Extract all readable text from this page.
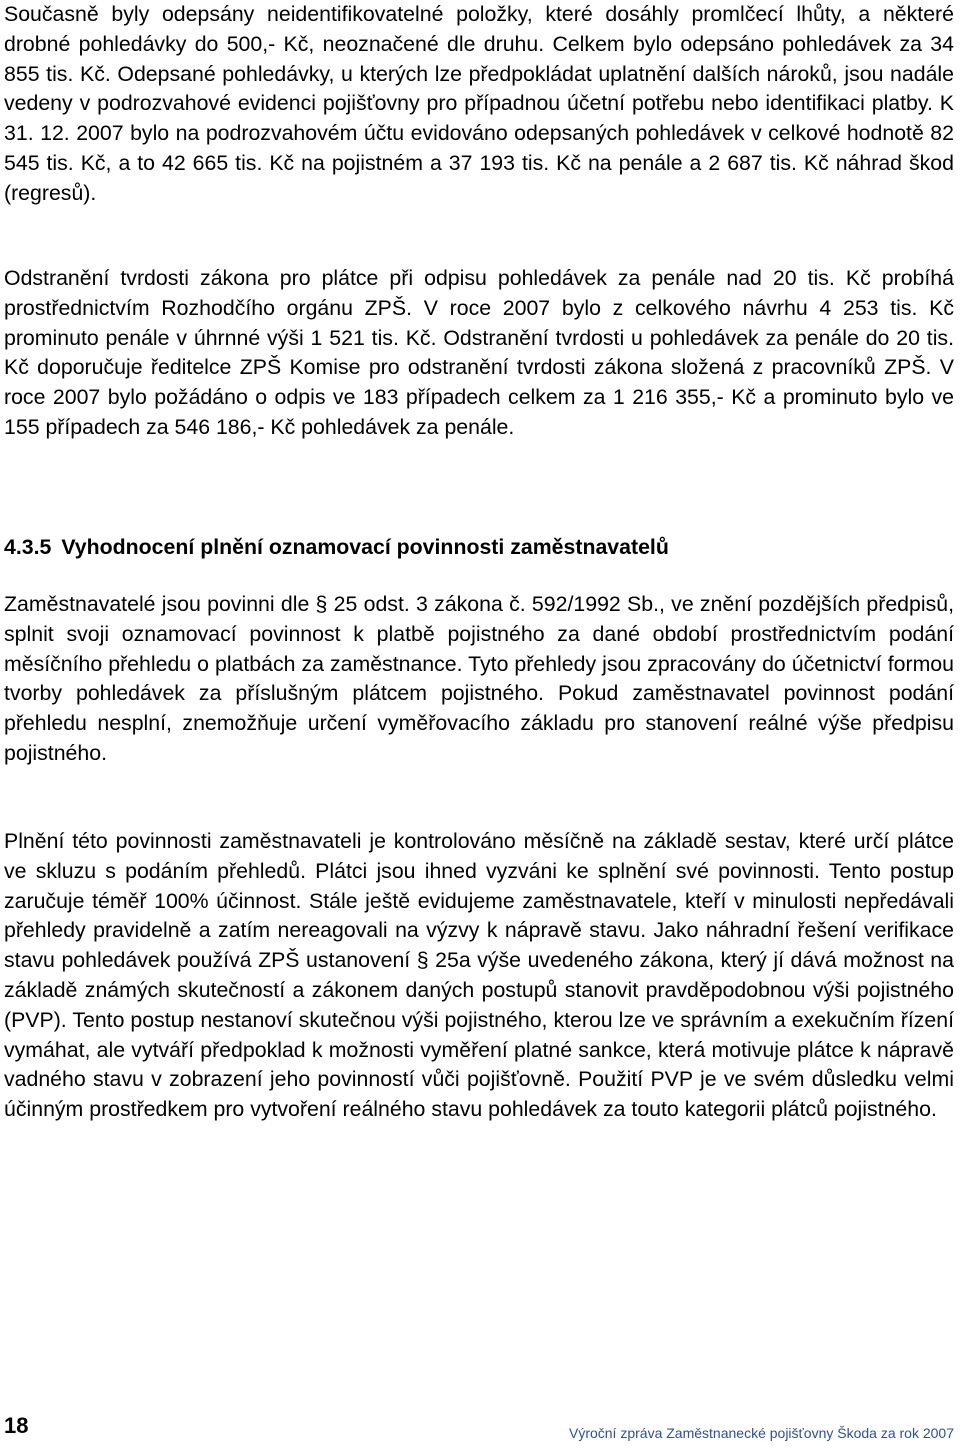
Současně byly odepsány neidentifikovatelné položky, které dosáhly promlčecí lhůty, a některé drobné pohledávky do 500,- Kč, neoznačené dle druhu. Celkem bylo odepsáno pohledávek za 34 855 tis. Kč. Odepsané pohledávky, u kterých lze předpokládat uplatnění dalších nároků, jsou nadále vedeny v podrozvahové evidenci pojišťovny pro případnou účetní potřebu nebo identifikaci platby. K 31. 12. 2007 bylo na podrozvahovém účtu evidováno odepsaných pohledávek v celkové hodnotě 82 545 tis. Kč, a to 42 665 tis. Kč na pojistném a 37 193 tis. Kč na penále a 2 687 tis. Kč náhrad škod (regresů).

Odstranění tvrdosti zákona pro plátce při odpisu pohledávek za penále nad 20 tis. Kč probíhá prostřednictvím Rozhodčího orgánu ZPŠ. V roce 2007 bylo z celkového návrhu 4 253 tis. Kč prominuto penále v úhrnné výši 1 521 tis. Kč. Odstranění tvrdosti u pohledávek za penále do 20 tis. Kč doporučuje ředitelce ZPŠ Komise pro odstranění tvrdosti zákona složená z pracovníků ZPŠ. V roce 2007 bylo požádáno o odpis ve 183 případech celkem za 1 216 355,- Kč a prominuto bylo ve 155 případech za 546 186,- Kč pohledávek za penále.

4.3.5 Vyhodnocení plnění oznamovací povinnosti zaměstnavatelů

Zaměstnavatelé jsou povinni dle § 25 odst. 3 zákona č. 592/1992 Sb., ve znění pozdějších předpisů, splnit svoji oznamovací povinnost k platbě pojistného za dané období prostřednictvím podání měsíčního přehledu o platbách za zaměstnance. Tyto přehledy jsou zpracovány do účetnictví formou tvorby pohledávek za příslušným plátcem pojistného. Pokud zaměstnavatel povinnost podání přehledu nesplní, znemožňuje určení vyměřovacího základu pro stanovení reálné výše předpisu pojistného.

Plnění této povinnosti zaměstnavateli je kontrolováno měsíčně na základě sestav, které určí plátce ve skluzu s podáním přehledů. Plátci jsou ihned vyzváni ke splnění své povinnosti. Tento postup zaručuje téměř 100% účinnost. Stále ještě evidujeme zaměstnavatele, kteří v minulosti nepředávali přehledy pravidelně a zatím nereagovali na výzvy k nápravě stavu. Jako náhradní řešení verifikace stavu pohledávek používá ZPŠ ustanovení § 25a výše uvedeného zákona, který jí dává možnost na základě známých skutečností a zákonem daných postupů stanovit pravděpodobnou výši pojistného (PVP). Tento postup nestanoví skutečnou výši pojistného, kterou lze ve správním a exekučním řízení vymáhat, ale vytváří předpoklad k možnosti vyměření platné sankce, která motivuje plátce k nápravě vadného stavu v zobrazení jeho povinností vůči pojišťovně. Použití PVP je ve svém důsledku velmi účinným prostředkem pro vytvoření reálného stavu pohledávek za touto kategorii plátců pojistného.

18	Výroční zpráva Zaměstnanecké pojišťovny Škoda za rok 2007
